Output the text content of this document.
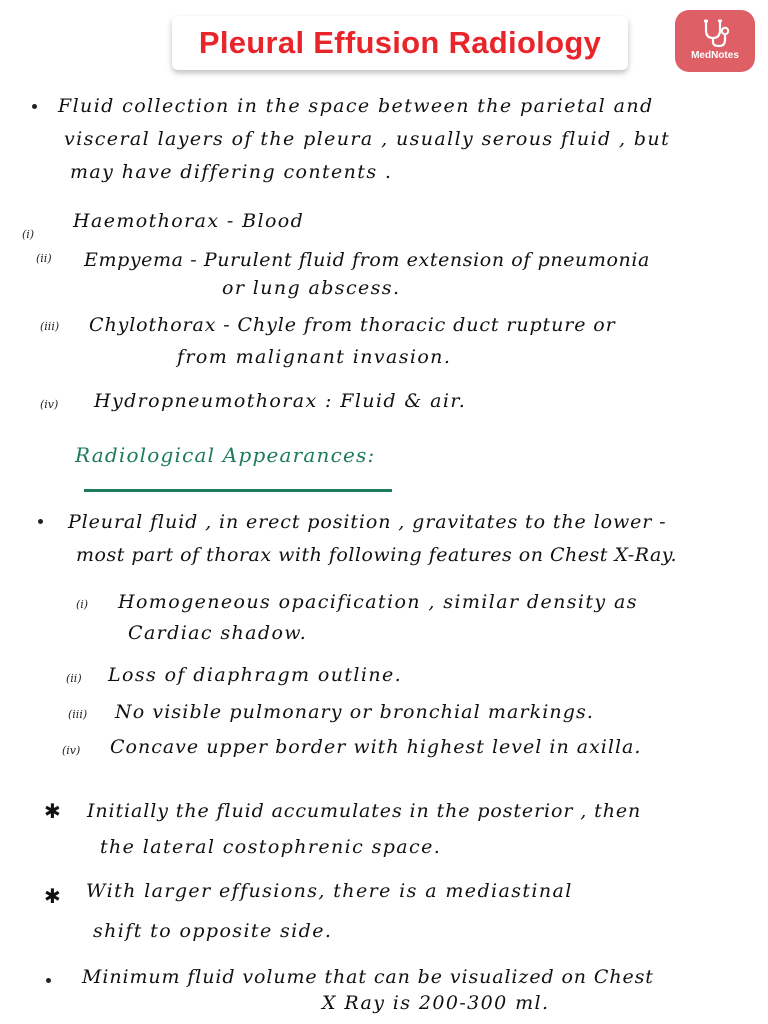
Pleural Effusion Radiology	MedNotes
Fluid collection in the space between the parietal and
visceral layers of the pleura , usually serous fluid , but
may have differing contents .
(i)
Haemothorax - Blood
(ii) Empyema - Purulent fluid from extension of pneumonia
or lung abscess.
(iii) Chylothorax - Chyle from thoracic duct rupture or
from malignant invasion.
(iv) Hydropneumothorax : Fluid & air.
Radiological Appearances:
Pleural fluid , in erect position , gravitates to the lower -
most part of thorax with following features on Chest X-Ray.
(i) Homogeneous opacification , similar density as
Cardiac shadow.
(ii) Loss of diaphragm outline.
(iii) No visible pulmonary or bronchial markings.
(iv) Concave upper border with highest level in axilla.
✱ Initially the fluid accumulates in the posterior , then
the lateral costophrenic space.
✱ With larger effusions, there is a mediastinal
shift to opposite side.
Minimum fluid volume that can be visualized on Chest
X Ray is 200-300 ml.
